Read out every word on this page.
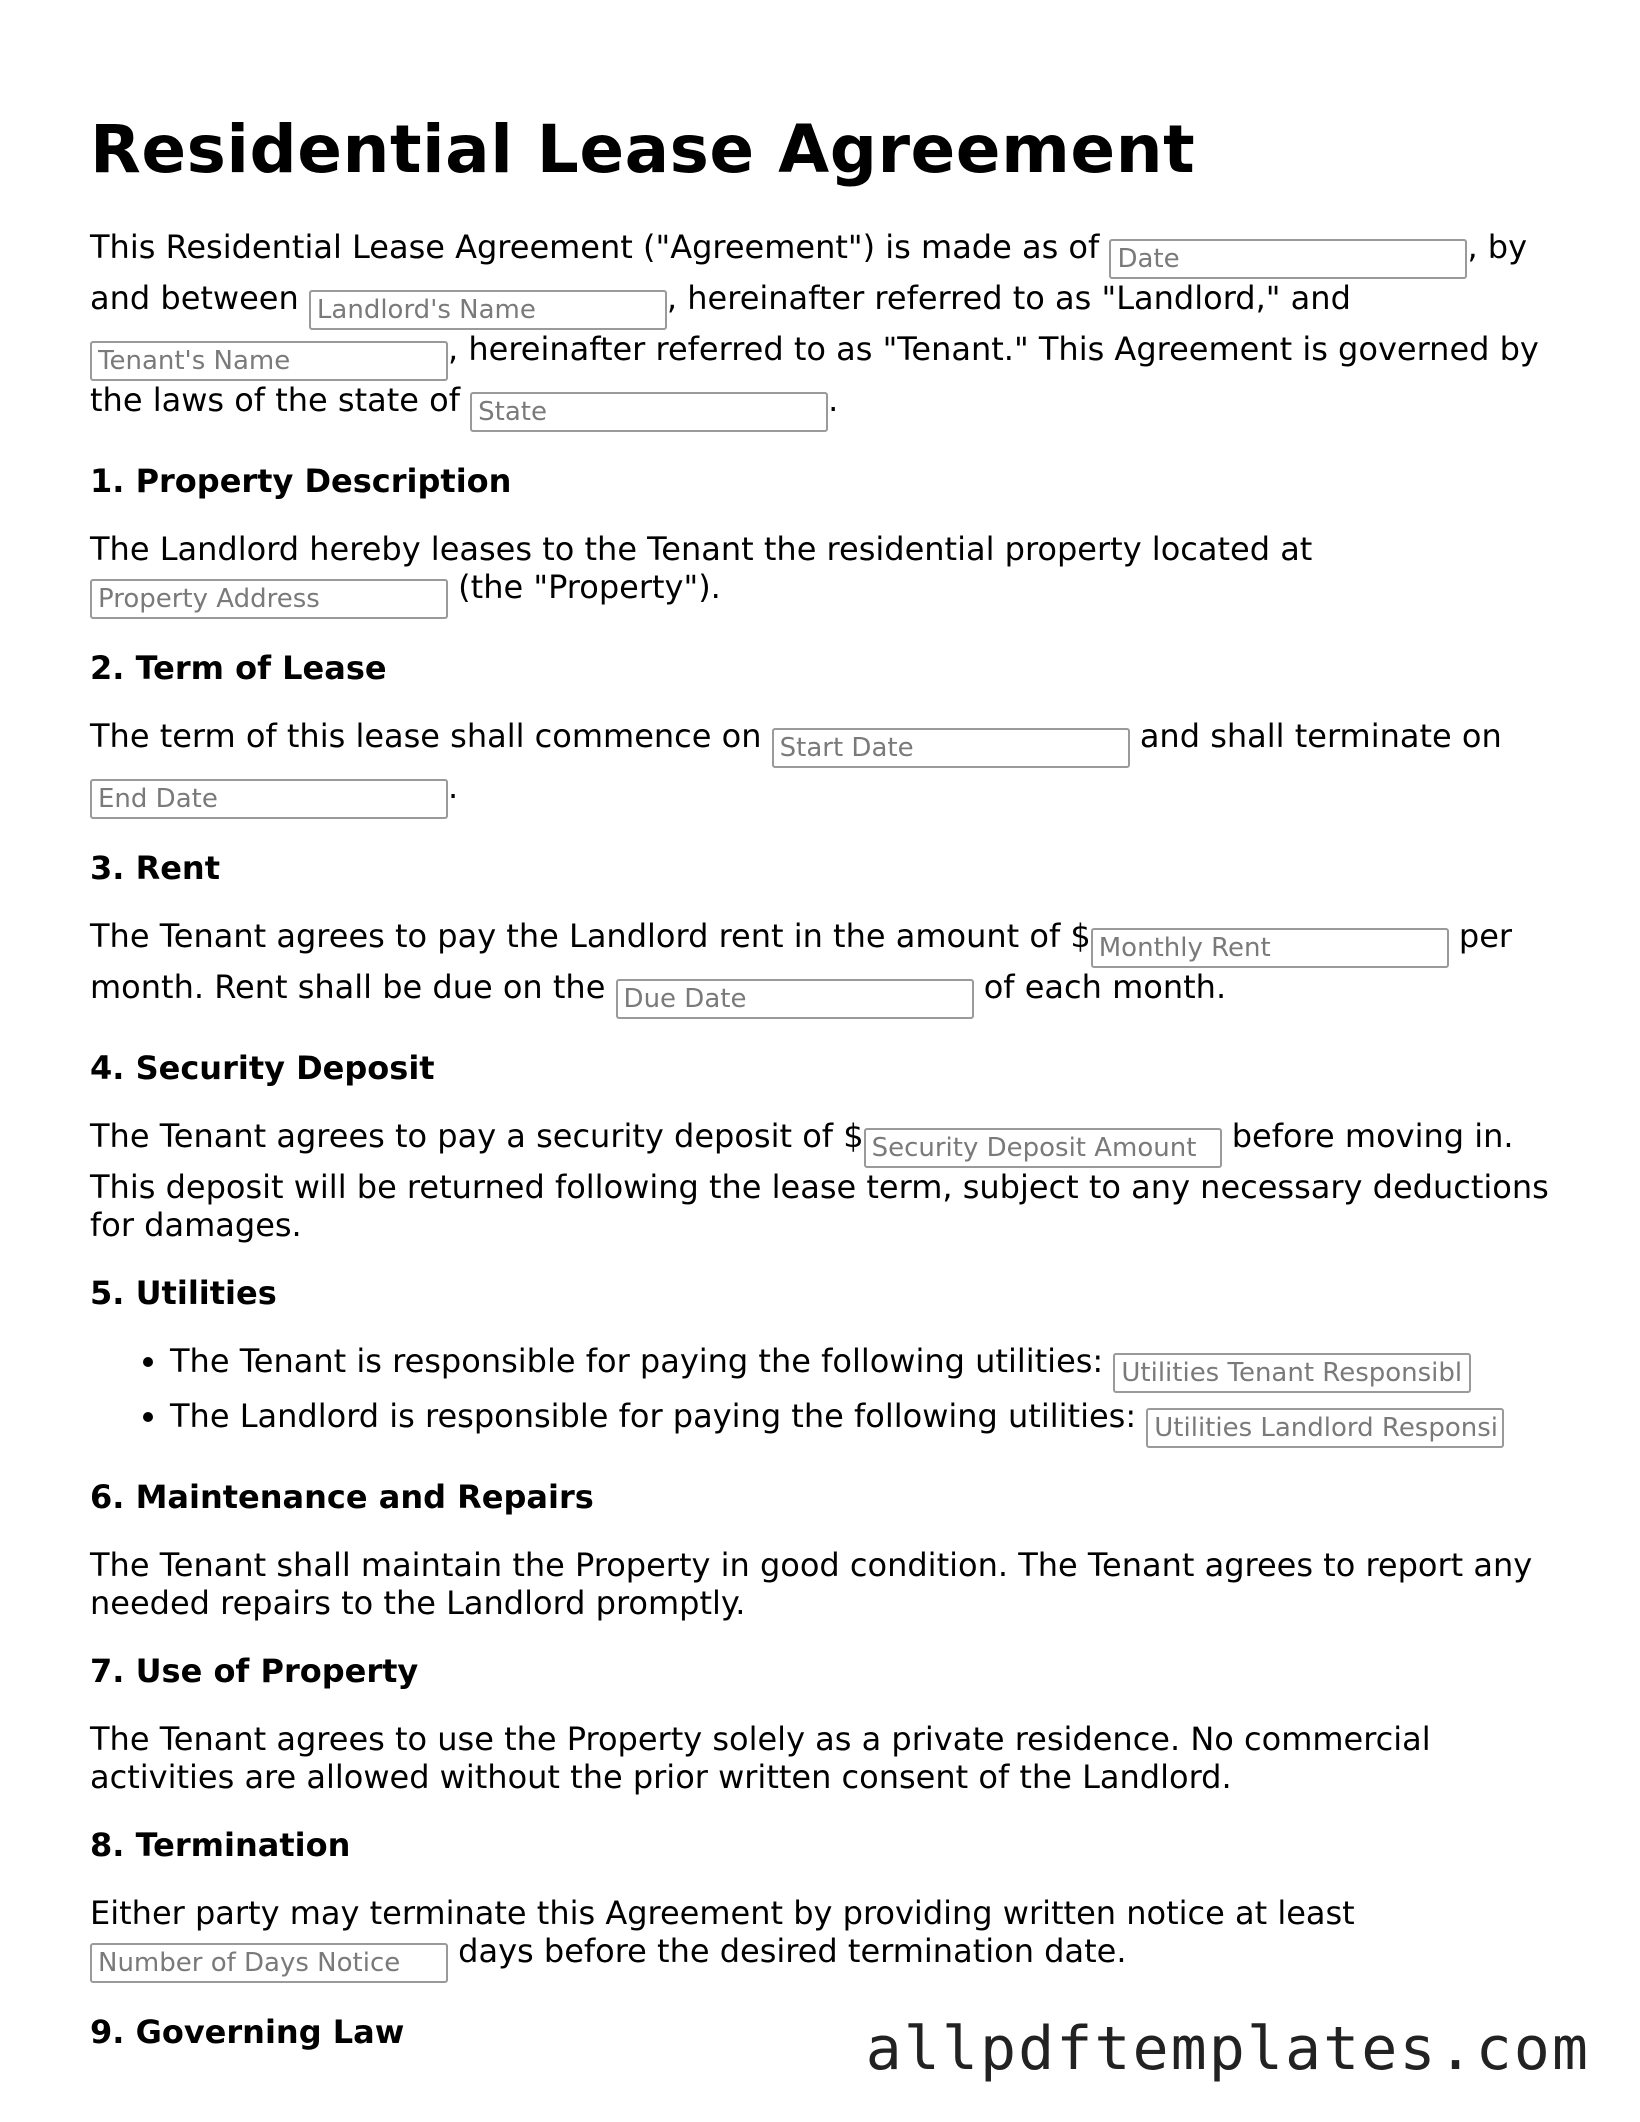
Residential Lease Agreement

This Residential Lease Agreement ("Agreement") is made as of Date	, by and between Landlord's Name	, hereinafter referred to as "Landlord," and Tenant's Name, hereinafter referred to as "Tenant." This Agreement is governed by the laws of the state of State	.

1. Property Description

The Landlord hereby leases to the Tenant the residential property located at Property Address (the "Property").

2. Term of Lease

The term of this lease shall commence on Start Date	and shall terminate on End Date.

3. Rent

The Tenant agrees to pay the Landlord rent in the amount of $Monthly Rent	per month. Rent shall be due on the Due Date	of each month.

4. Security Deposit

The Tenant agrees to pay a security deposit of $Security Deposit Amount	before moving in. This deposit will be returned following the lease term, subject to any necessary deductions for damages.

5. Utilities
• The Tenant is responsible for paying the following utilities: Utilities Tenant Responsible
• The Landlord is responsible for paying the following utilities: Utilities Landlord Responsible
6. Maintenance and Repairs

The Tenant shall maintain the Property in good condition. The Tenant agrees to report any needed repairs to the Landlord promptly.

7. Use of Property

The Tenant agrees to use the Property solely as a private residence. No commercial activities are allowed without the prior written consent of the Landlord.

8. Termination

Either party may terminate this Agreement by providing written notice at least Number of Days Notice days before the desired termination date.

9. Governing Law	allpdftemplates.com
